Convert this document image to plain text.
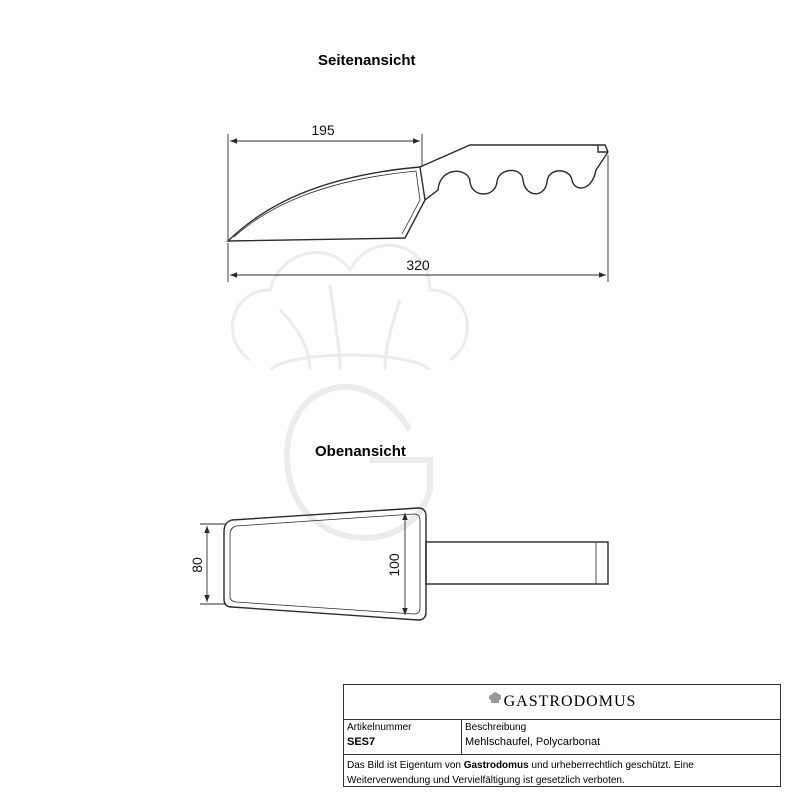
Seitenansicht
Obenansicht
195
320
80	100
GASTRODOMUS
Artikelnummer
SES7
Beschreibung
Mehlschaufel, Polycarbonat
Das Bild ist Eigentum von Gastrodomus und urheberrechtlich geschützt. Eine Weiterverwendung und Vervielfältigung ist gesetzlich verboten.
